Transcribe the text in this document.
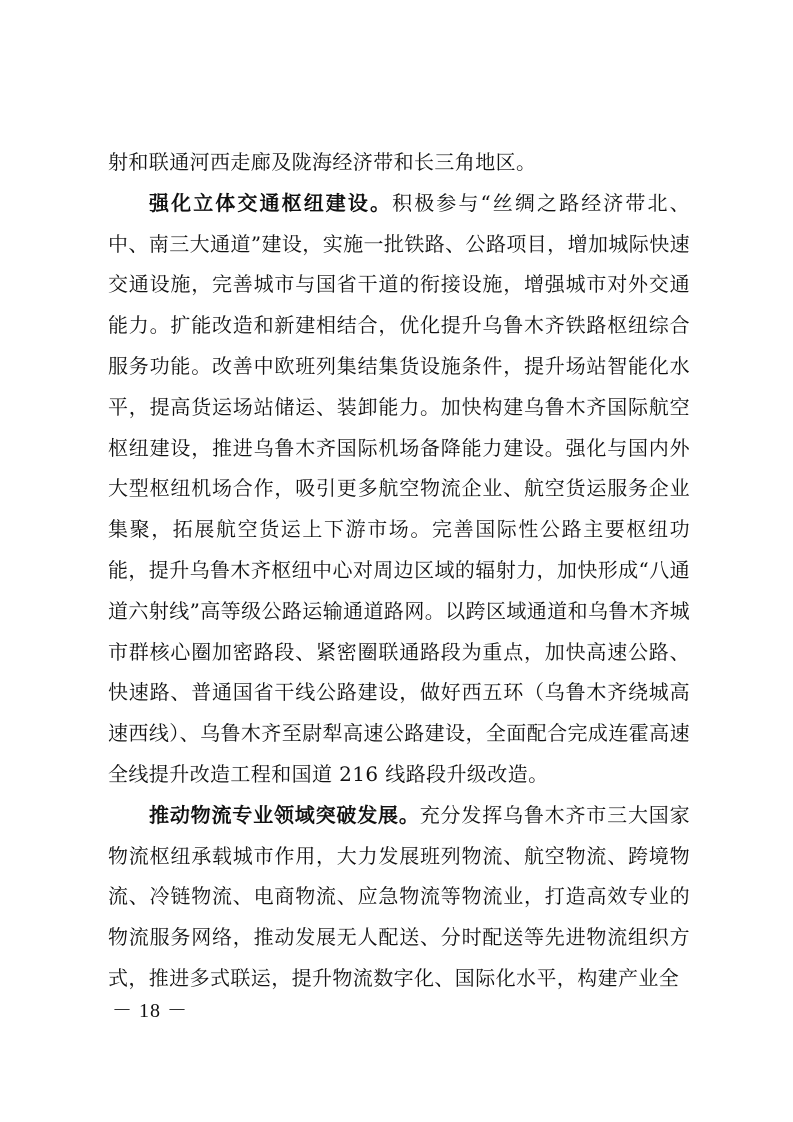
射和联通河西走廊及陇海经济带和长三角地区。

强化立体交通枢纽建设。积极参与“丝绸之路经济带北、中、南三大通道”建设，实施一批铁路、公路项目，增加城际快速交通设施，完善城市与国省干道的衔接设施，增强城市对外交通能力。扩能改造和新建相结合，优化提升乌鲁木齐铁路枢纽综合服务功能。改善中欧班列集结集货设施条件，提升场站智能化水平，提高货运场站储运、装卸能力。加快构建乌鲁木齐国际航空枢纽建设，推进乌鲁木齐国际机场备降能力建设。强化与国内外大型枢纽机场合作，吸引更多航空物流企业、航空货运服务企业集聚，拓展航空货运上下游市场。完善国际性公路主要枢纽功能，提升乌鲁木齐枢纽中心对周边区域的辐射力，加快形成“八通道六射线”高等级公路运输通道路网。以跨区域通道和乌鲁木齐城市群核心圈加密路段、紧密圈联通路段为重点，加快高速公路、快速路、普通国省干线公路建设，做好西五环（乌鲁木齐绕城高速西线）、乌鲁木齐至尉犁高速公路建设，全面配合完成连霍高速全线提升改造工程和国道 216 线路段升级改造。

推动物流专业领域突破发展。充分发挥乌鲁木齐市三大国家物流枢纽承载城市作用，大力发展班列物流、航空物流、跨境物流、冷链物流、电商物流、应急物流等物流业，打造高效专业的物流服务网络，推动发展无人配送、分时配送等先进物流组织方式，推进多式联运，提升物流数字化、国际化水平，构建产业全

－ 18 －
